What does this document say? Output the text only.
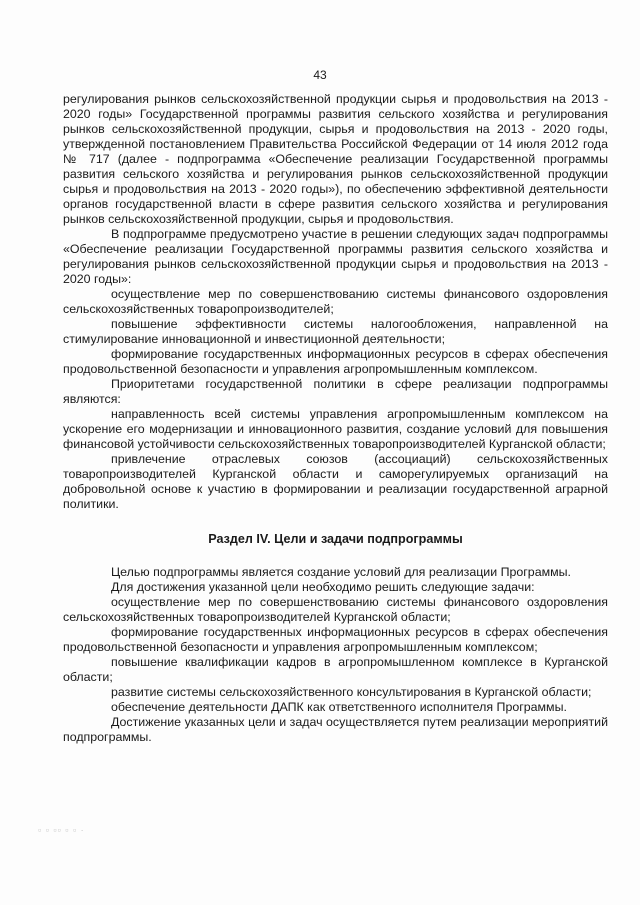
43

регулирования рынков сельскохозяйственной продукции сырья и продовольствия на 2013 - 2020 годы» Государственной программы развития сельского хозяйства и регулирования рынков сельскохозяйственной продукции, сырья и продовольствия на 2013 - 2020 годы, утвержденной постановлением Правительства Российской Федерации от 14 июля 2012 года № 717 (далее - подпрограмма «Обеспечение реализации Государственной программы развития сельского хозяйства и регулирования рынков сельскохозяйственной продукции сырья и продовольствия на 2013 - 2020 годы»), по обеспечению эффективной деятельности органов государственной власти в сфере развития сельского хозяйства и регулирования рынков сельскохозяйственной продукции, сырья и продовольствия.

В подпрограмме предусмотрено участие в решении следующих задач подпрограммы «Обеспечение реализации Государственной программы развития сельского хозяйства и регулирования рынков сельскохозяйственной продукции сырья и продовольствия на 2013 - 2020 годы»:

осуществление мер по совершенствованию системы финансового оздоровления сельскохозяйственных товаропроизводителей;

повышение эффективности системы налогообложения, направленной на стимулирование инновационной и инвестиционной деятельности;

формирование государственных информационных ресурсов в сферах обеспечения продовольственной безопасности и управления агропромышленным комплексом.

Приоритетами государственной политики в сфере реализации подпрограммы являются:

направленность всей системы управления агропромышленным комплексом на ускорение его модернизации и инновационного развития, создание условий для повышения финансовой устойчивости сельскохозяйственных товаропроизводителей Курганской области;

привлечение отраслевых союзов (ассоциаций) сельскохозяйственных товаропроизводителей Курганской области и саморегулируемых организаций на добровольной основе к участию в формировании и реализации государственной аграрной политики.

Раздел IV. Цели и задачи подпрограммы

Целью подпрограммы является создание условий для реализации Программы.

Для достижения указанной цели необходимо решить следующие задачи:

осуществление мер по совершенствованию системы финансового оздоровления сельскохозяйственных товаропроизводителей Курганской области;

формирование государственных информационных ресурсов в сферах обеспечения продовольственной безопасности и управления агропромышленным комплексом;

повышение квалификации кадров в агропромышленном комплексе в Курганской области;

развитие системы сельскохозяйственного консультирования в Курганской области;

обеспечение деятельности ДАПК как ответственного исполнителя Программы.

Достижение указанных цели и задач осуществляется путем реализации мероприятий подпрограммы.

▫ ▫ ▫▫ ▫ ▫ ·
